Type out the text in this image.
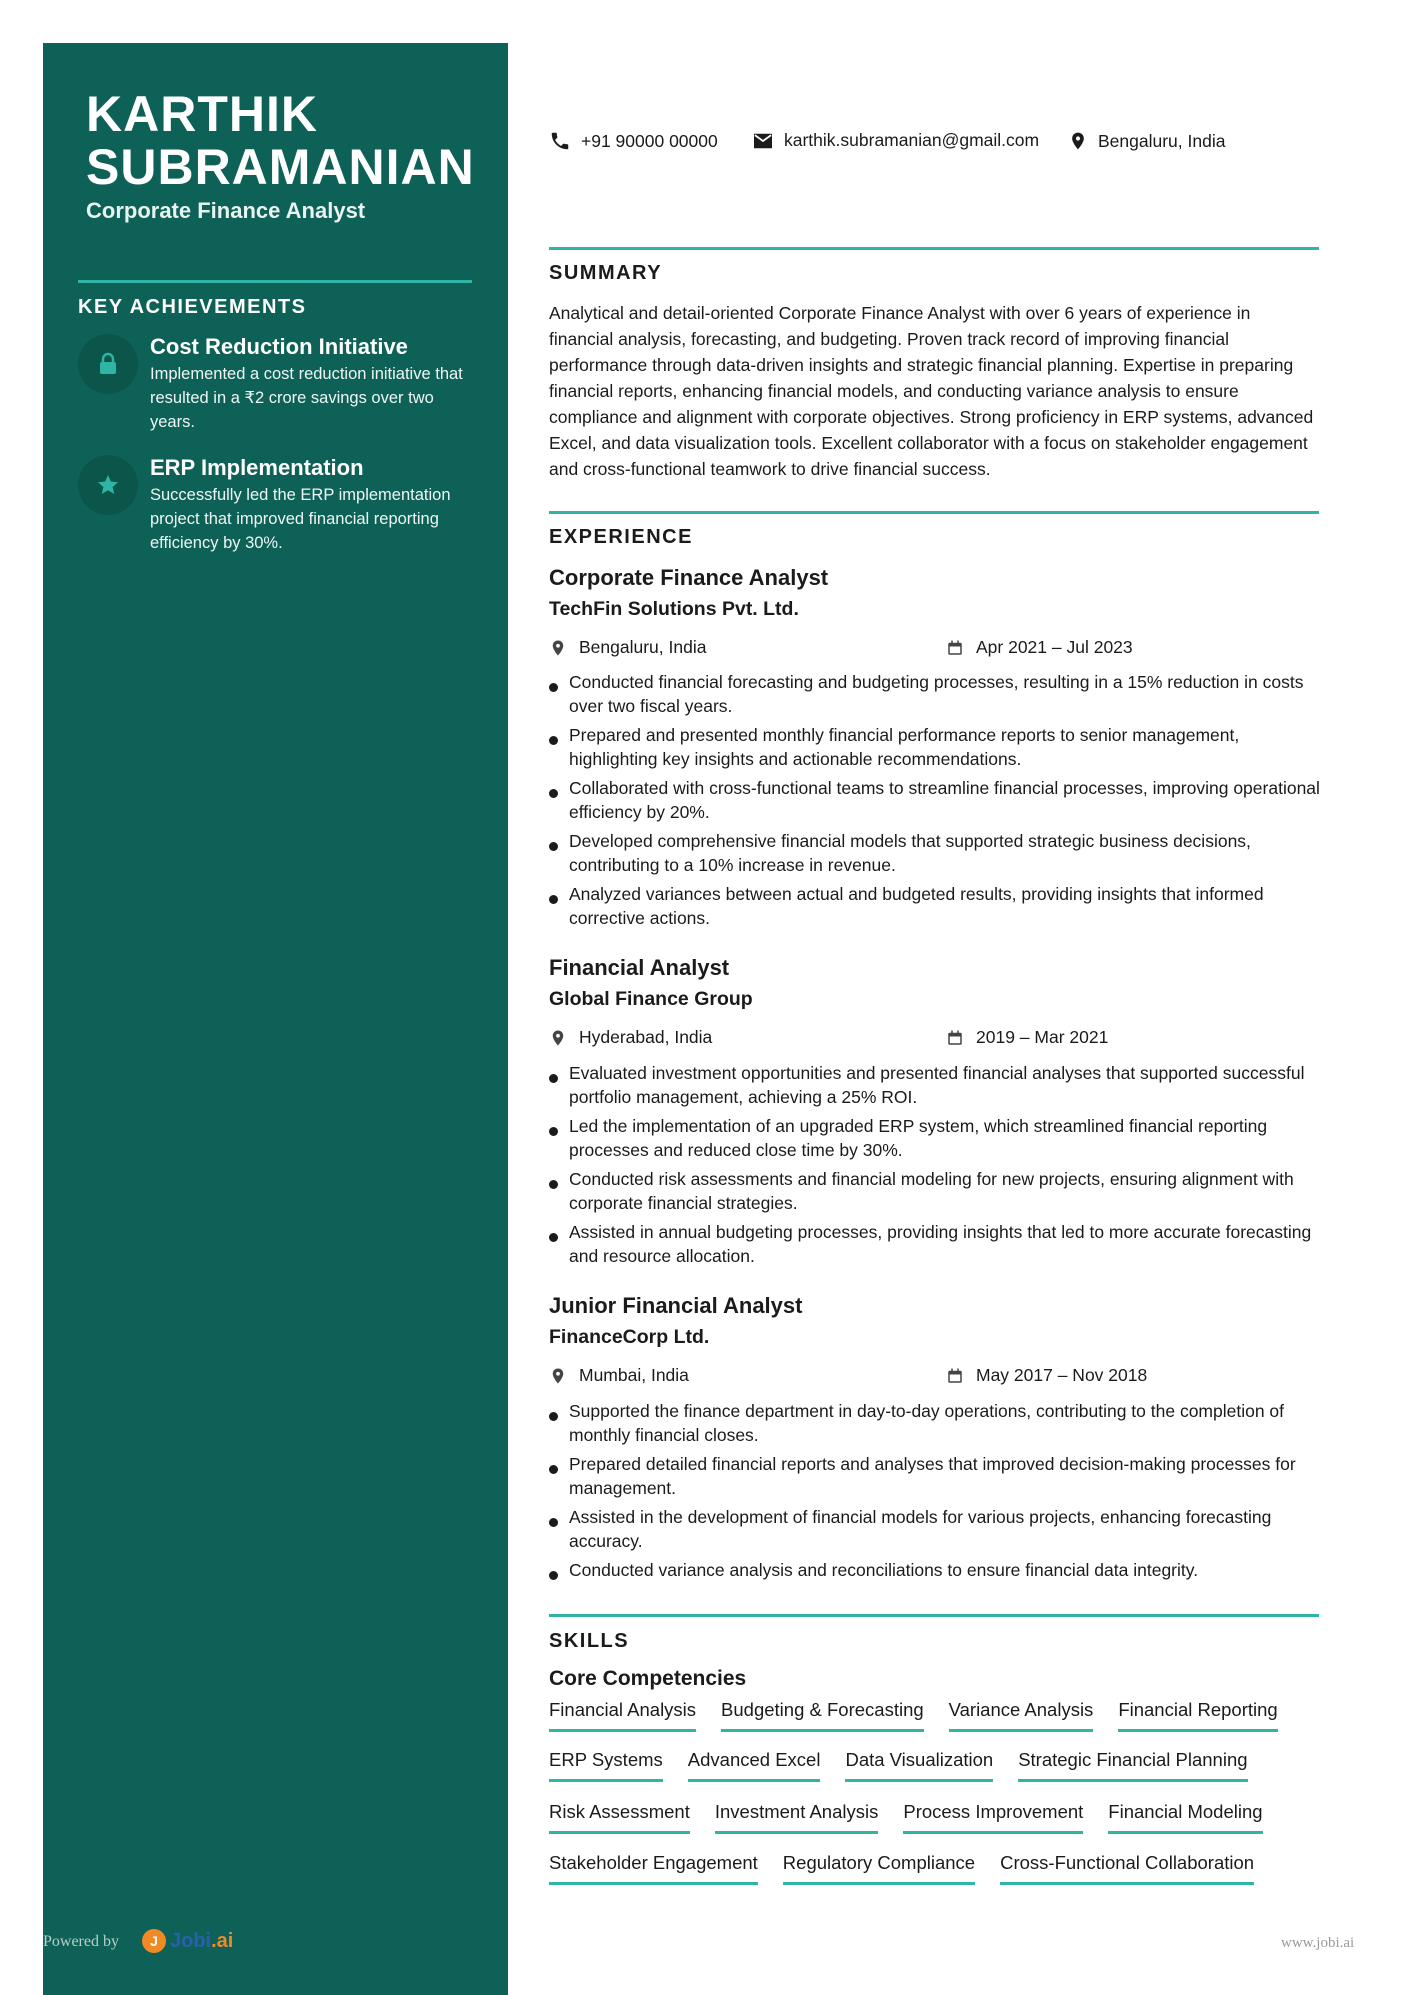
KARTHIK SUBRAMANIAN
Corporate Finance Analyst
KEY ACHIEVEMENTS
Cost Reduction Initiative
Implemented a cost reduction initiative that resulted in a ₹2 crore savings over two years.
ERP Implementation
Successfully led the ERP implementation project that improved financial reporting efficiency by 30%.
Powered by	J Jobi.ai	www.jobi.ai
+91 90000 00000	karthik.subramanian@gmail.com	Bengaluru, India
SUMMARY
Analytical and detail-oriented Corporate Finance Analyst with over 6 years of experience in financial analysis, forecasting, and budgeting. Proven track record of improving financial performance through data-driven insights and strategic financial planning. Expertise in preparing financial reports, enhancing financial models, and conducting variance analysis to ensure compliance and alignment with corporate objectives. Strong proficiency in ERP systems, advanced Excel, and data visualization tools. Excellent collaborator with a focus on stakeholder engagement and cross-functional teamwork to drive financial success.
EXPERIENCE
Corporate Finance Analyst
TechFin Solutions Pvt. Ltd.
Bengaluru, India	Apr 2021 – Jul 2023
Conducted financial forecasting and budgeting processes, resulting in a 15% reduction in costs over two fiscal years.
Prepared and presented monthly financial performance reports to senior management, highlighting key insights and actionable recommendations.
Collaborated with cross-functional teams to streamline financial processes, improving operational efficiency by 20%.
Developed comprehensive financial models that supported strategic business decisions, contributing to a 10% increase in revenue.
Analyzed variances between actual and budgeted results, providing insights that informed corrective actions.
Financial Analyst
Global Finance Group
Hyderabad, India	2019 – Mar 2021
Evaluated investment opportunities and presented financial analyses that supported successful portfolio management, achieving a 25% ROI.
Led the implementation of an upgraded ERP system, which streamlined financial reporting processes and reduced close time by 30%.
Conducted risk assessments and financial modeling for new projects, ensuring alignment with corporate financial strategies.
Assisted in annual budgeting processes, providing insights that led to more accurate forecasting and resource allocation.
Junior Financial Analyst
FinanceCorp Ltd.
Mumbai, India	May 2017 – Nov 2018
Supported the finance department in day-to-day operations, contributing to the completion of monthly financial closes.
Prepared detailed financial reports and analyses that improved decision-making processes for management.
Assisted in the development of financial models for various projects, enhancing forecasting accuracy.
Conducted variance analysis and reconciliations to ensure financial data integrity.
SKILLS
Core Competencies
Financial Analysis Budgeting & Forecasting Variance Analysis Financial Reporting
ERP Systems Advanced Excel Data Visualization Strategic Financial Planning
Risk Assessment Investment Analysis Process Improvement Financial Modeling
Stakeholder Engagement Regulatory Compliance Cross-Functional Collaboration
